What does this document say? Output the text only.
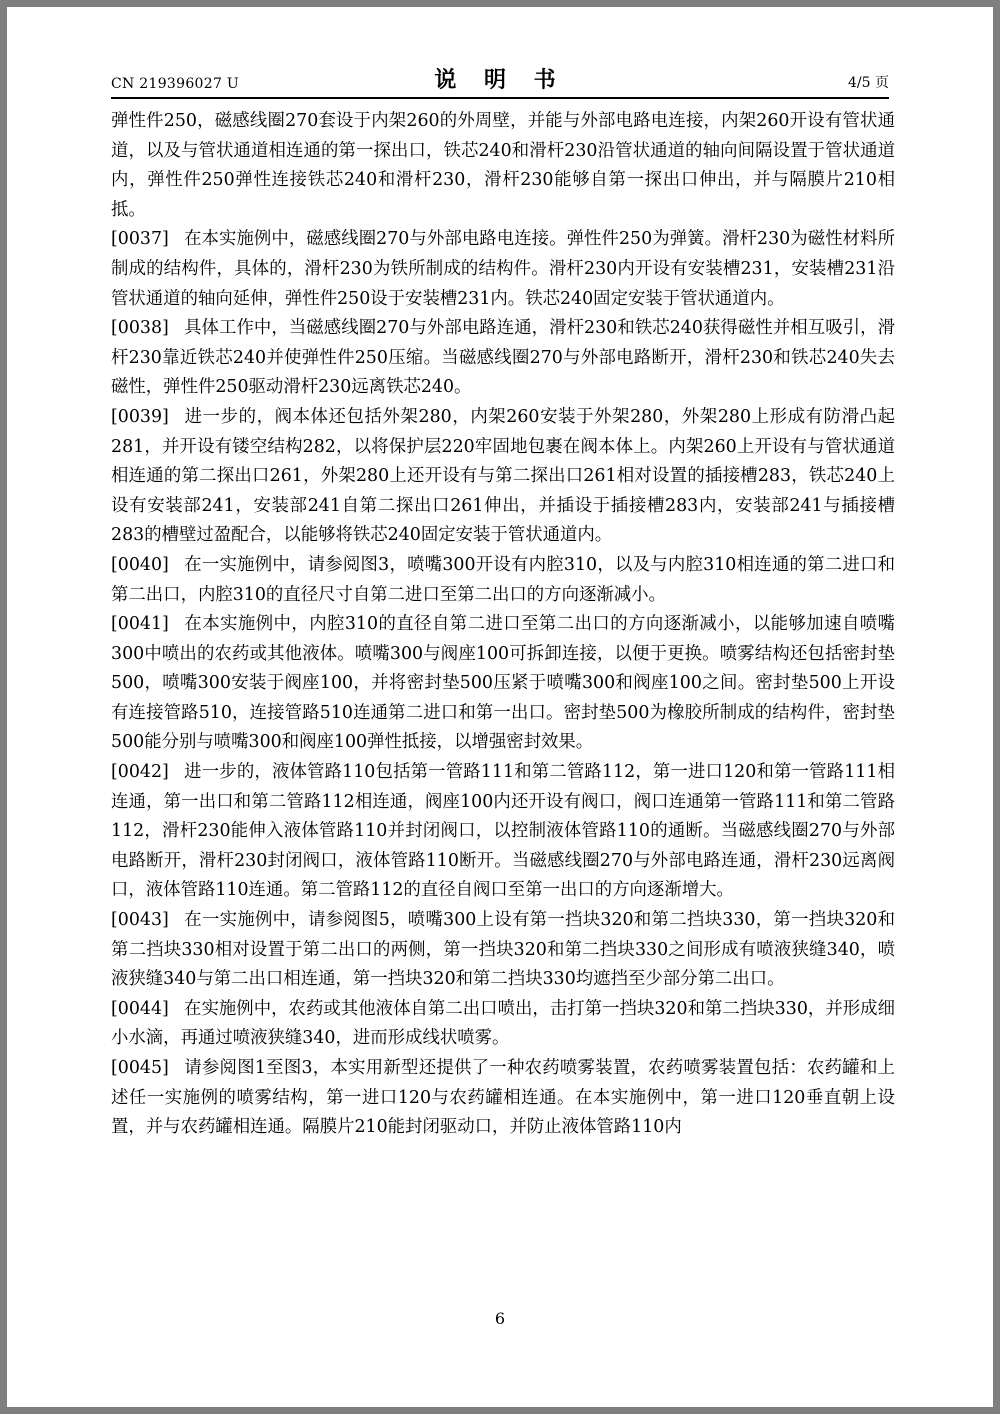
CN 219396027 U	说 明 书	4/5 页

弹性件250，磁感线圈270套设于内架260的外周壁，并能与外部电路电连接，内架260开设有管状通道，以及与管状通道相连通的第一探出口，铁芯240和滑杆230沿管状通道的轴向间隔设置于管状通道内，弹性件250弹性连接铁芯240和滑杆230，滑杆230能够自第一探出口伸出，并与隔膜片210相抵。

[0037] 在本实施例中，磁感线圈270与外部电路电连接。弹性件250为弹簧。滑杆230为磁性材料所制成的结构件，具体的，滑杆230为铁所制成的结构件。滑杆230内开设有安装槽231，安装槽231沿管状通道的轴向延伸，弹性件250设于安装槽231内。铁芯240固定安装于管状通道内。

[0038] 具体工作中，当磁感线圈270与外部电路连通，滑杆230和铁芯240获得磁性并相互吸引，滑杆230靠近铁芯240并使弹性件250压缩。当磁感线圈270与外部电路断开，滑杆230和铁芯240失去磁性，弹性件250驱动滑杆230远离铁芯240。

[0039] 进一步的，阀本体还包括外架280，内架260安装于外架280，外架280上形成有防滑凸起281，并开设有镂空结构282，以将保护层220牢固地包裹在阀本体上。内架260上开设有与管状通道相连通的第二探出口261，外架280上还开设有与第二探出口261相对设置的插接槽283，铁芯240上设有安装部241，安装部241自第二探出口261伸出，并插设于插接槽283内，安装部241与插接槽283的槽壁过盈配合，以能够将铁芯240固定安装于管状通道内。

[0040] 在一实施例中，请参阅图3，喷嘴300开设有内腔310，以及与内腔310相连通的第二进口和第二出口，内腔310的直径尺寸自第二进口至第二出口的方向逐渐减小。

[0041] 在本实施例中，内腔310的直径自第二进口至第二出口的方向逐渐减小，以能够加速自喷嘴300中喷出的农药或其他液体。喷嘴300与阀座100可拆卸连接，以便于更换。喷雾结构还包括密封垫500，喷嘴300安装于阀座100，并将密封垫500压紧于喷嘴300和阀座100之间。密封垫500上开设有连接管路510，连接管路510连通第二进口和第一出口。密封垫500为橡胶所制成的结构件，密封垫500能分别与喷嘴300和阀座100弹性抵接，以增强密封效果。

[0042] 进一步的，液体管路110包括第一管路111和第二管路112，第一进口120和第一管路111相连通，第一出口和第二管路112相连通，阀座100内还开设有阀口，阀口连通第一管路111和第二管路112，滑杆230能伸入液体管路110并封闭阀口，以控制液体管路110的通断。当磁感线圈270与外部电路断开，滑杆230封闭阀口，液体管路110断开。当磁感线圈270与外部电路连通，滑杆230远离阀口，液体管路110连通。第二管路112的直径自阀口至第一出口的方向逐渐增大。

[0043] 在一实施例中，请参阅图5，喷嘴300上设有第一挡块320和第二挡块330，第一挡块320和第二挡块330相对设置于第二出口的两侧，第一挡块320和第二挡块330之间形成有喷液狭缝340，喷液狭缝340与第二出口相连通，第一挡块320和第二挡块330均遮挡至少部分第二出口。

[0044] 在实施例中，农药或其他液体自第二出口喷出，击打第一挡块320和第二挡块330，并形成细小水滴，再通过喷液狭缝340，进而形成线状喷雾。

[0045] 请参阅图1至图3，本实用新型还提供了一种农药喷雾装置，农药喷雾装置包括：农药罐和上述任一实施例的喷雾结构，第一进口120与农药罐相连通。在本实施例中，第一进口120垂直朝上设置，并与农药罐相连通。隔膜片210能封闭驱动口，并防止液体管路110内

6
